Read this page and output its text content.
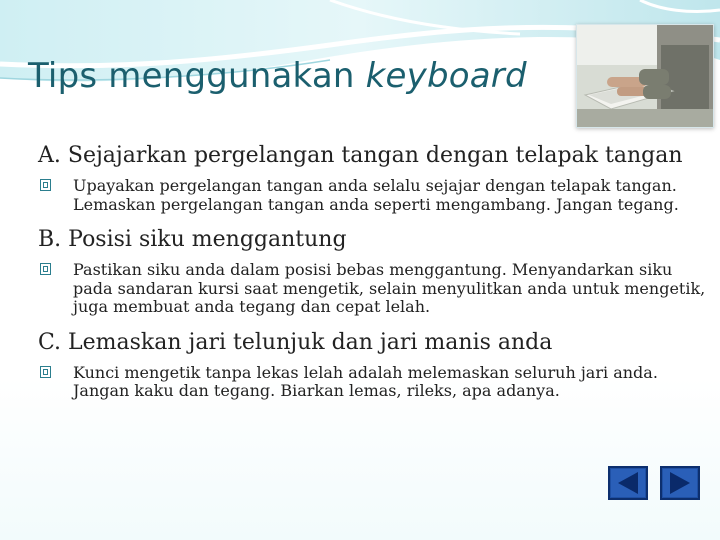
Tips menggunakan keyboard
A. Sejajarkan pergelangan tangan dengan telapak tangan
Upayakan pergelangan tangan anda selalu sejajar dengan telapak tangan. Lemaskan pergelangan tangan anda seperti mengambang. Jangan tegang.
B. Posisi siku menggantung
Pastikan siku anda dalam posisi bebas menggantung. Menyandarkan siku pada sandaran kursi saat mengetik, selain menyulitkan anda untuk mengetik, juga membuat anda tegang dan cepat lelah.
C. Lemaskan jari telunjuk dan jari manis anda
Kunci mengetik tanpa lekas lelah adalah melemaskan seluruh jari anda. Jangan kaku dan tegang. Biarkan lemas, rileks, apa adanya.
